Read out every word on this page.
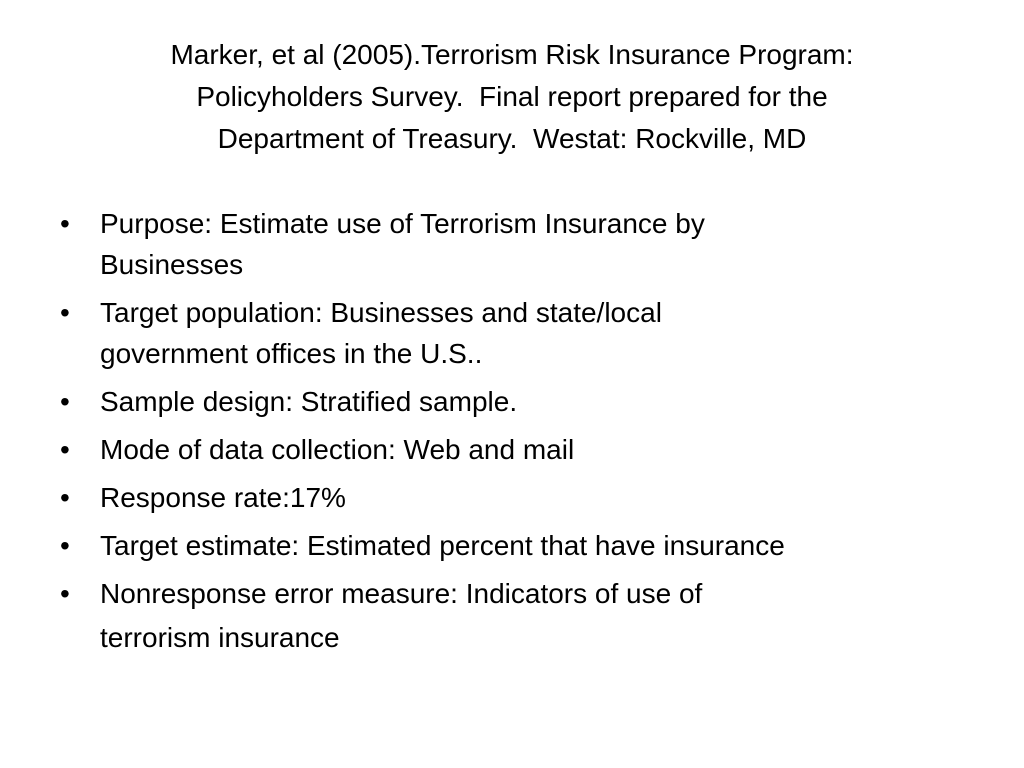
Marker, et al (2005).Terrorism Risk Insurance Program:
Policyholders Survey.  Final report prepared for the
Department of Treasury.  Westat: Rockville, MD
• Purpose: Estimate use of Terrorism Insurance by
Businesses
• Target population: Businesses and state/local
government offices in the U.S..
• Sample design: Stratified sample.
• Mode of data collection: Web and mail
• Response rate:17%
• Target estimate: Estimated percent that have insurance
• Nonresponse error measure: Indicators of use of
terrorism insurance
